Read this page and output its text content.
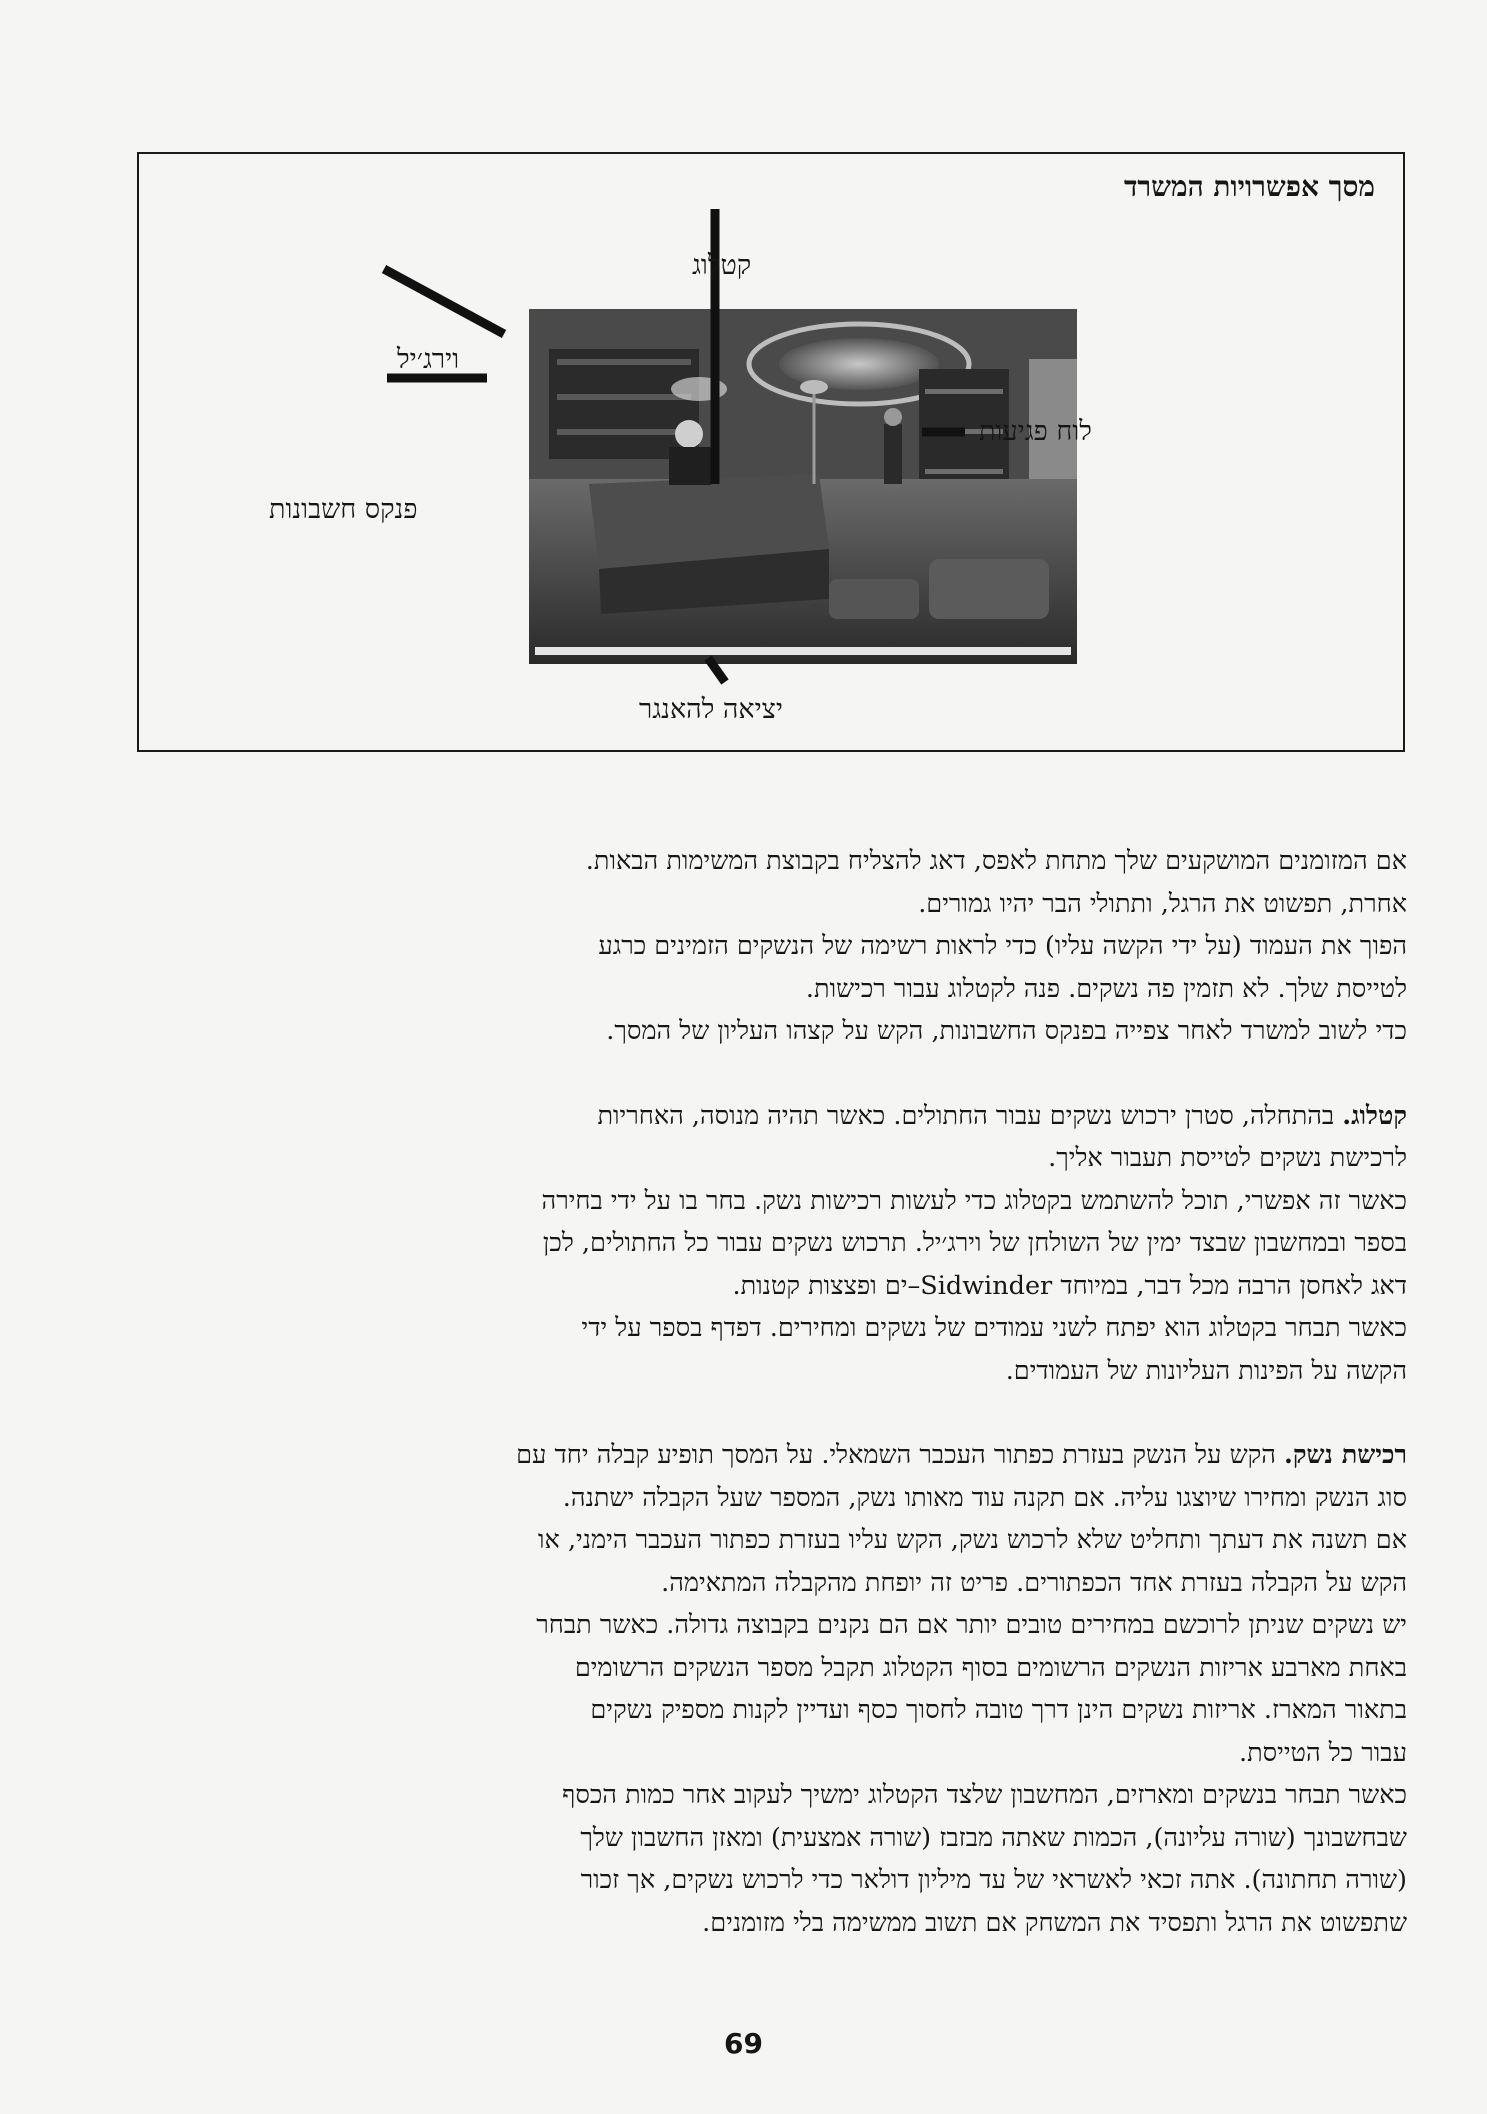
מסך אפשרויות המשרד
קטלוג
וירג׳יל
לוח פגיעות
פנקס חשבונות
יציאה להאנגר

אם המזומנים המושקעים שלך מתחת לאפס, דאג להצליח בקבוצת המשימות הבאות.

אחרת, תפשוט את הרגל, ותתולי הבר יהיו גמורים.

הפוך את העמוד (על ידי הקשה עליו) כדי לראות רשימה של הנשקים הזמינים כרגע

לטייסת שלך. לא תזמין פה נשקים. פנה לקטלוג עבור רכישות.

כדי לשוב למשרד לאחר צפייה בפנקס החשבונות, הקש על קצהו העליון של המסך.

קטלוג.בהתחלה, סטרן ירכוש נשקים עבור החתולים. כאשר תהיה מנוסה, האחריות

לרכישת נשקים לטייסת תעבור אליך.

כאשר זה אפשרי, תוכל להשתמש בקטלוג כדי לעשות רכישות נשק. בחר בו על ידי בחירה

בספר ובמחשבון שבצד ימין של השולחן של וירג׳יל. תרכוש נשקים עבור כל החתולים, לכן

דאג לאחסן הרבה מכל דבר, במיוחד Sidwinder–ים ופצצות קטנות.

כאשר תבחר בקטלוג הוא יפתח לשני עמודים של נשקים ומחירים. דפדף בספר על ידי

הקשה על הפינות העליונות של העמודים.

רכישת נשק.הקש על הנשק בעזרת כפתור העכבר השמאלי. על המסך תופיע קבלה יחד עם

סוג הנשק ומחירו שיוצגו עליה. אם תקנה עוד מאותו נשק, המספר שעל הקבלה ישתנה.

אם תשנה את דעתך ותחליט שלא לרכוש נשק, הקש עליו בעזרת כפתור העכבר הימני, או

הקש על הקבלה בעזרת אחד הכפתורים. פריט זה יופחת מהקבלה המתאימה.

יש נשקים שניתן לרוכשם במחירים טובים יותר אם הם נקנים בקבוצה גדולה. כאשר תבחר

באחת מארבע אריזות הנשקים הרשומים בסוף הקטלוג תקבל מספר הנשקים הרשומים

בתאור המארז. אריזות נשקים הינן דרך טובה לחסוך כסף ועדיין לקנות מספיק נשקים

עבור כל הטייסת.

כאשר תבחר בנשקים ומארזים, המחשבון שלצד הקטלוג ימשיך לעקוב אחר כמות הכסף

שבחשבונך (שורה עליונה), הכמות שאתה מבזבז (שורה אמצעית) ומאזן החשבון שלך

(שורה תחתונה). אתה זכאי לאשראי של עד מיליון דולאר כדי לרכוש נשקים, אך זכור

שתפשוט את הרגל ותפסיד את המשחק אם תשוב ממשימה בלי מזומנים.

69
